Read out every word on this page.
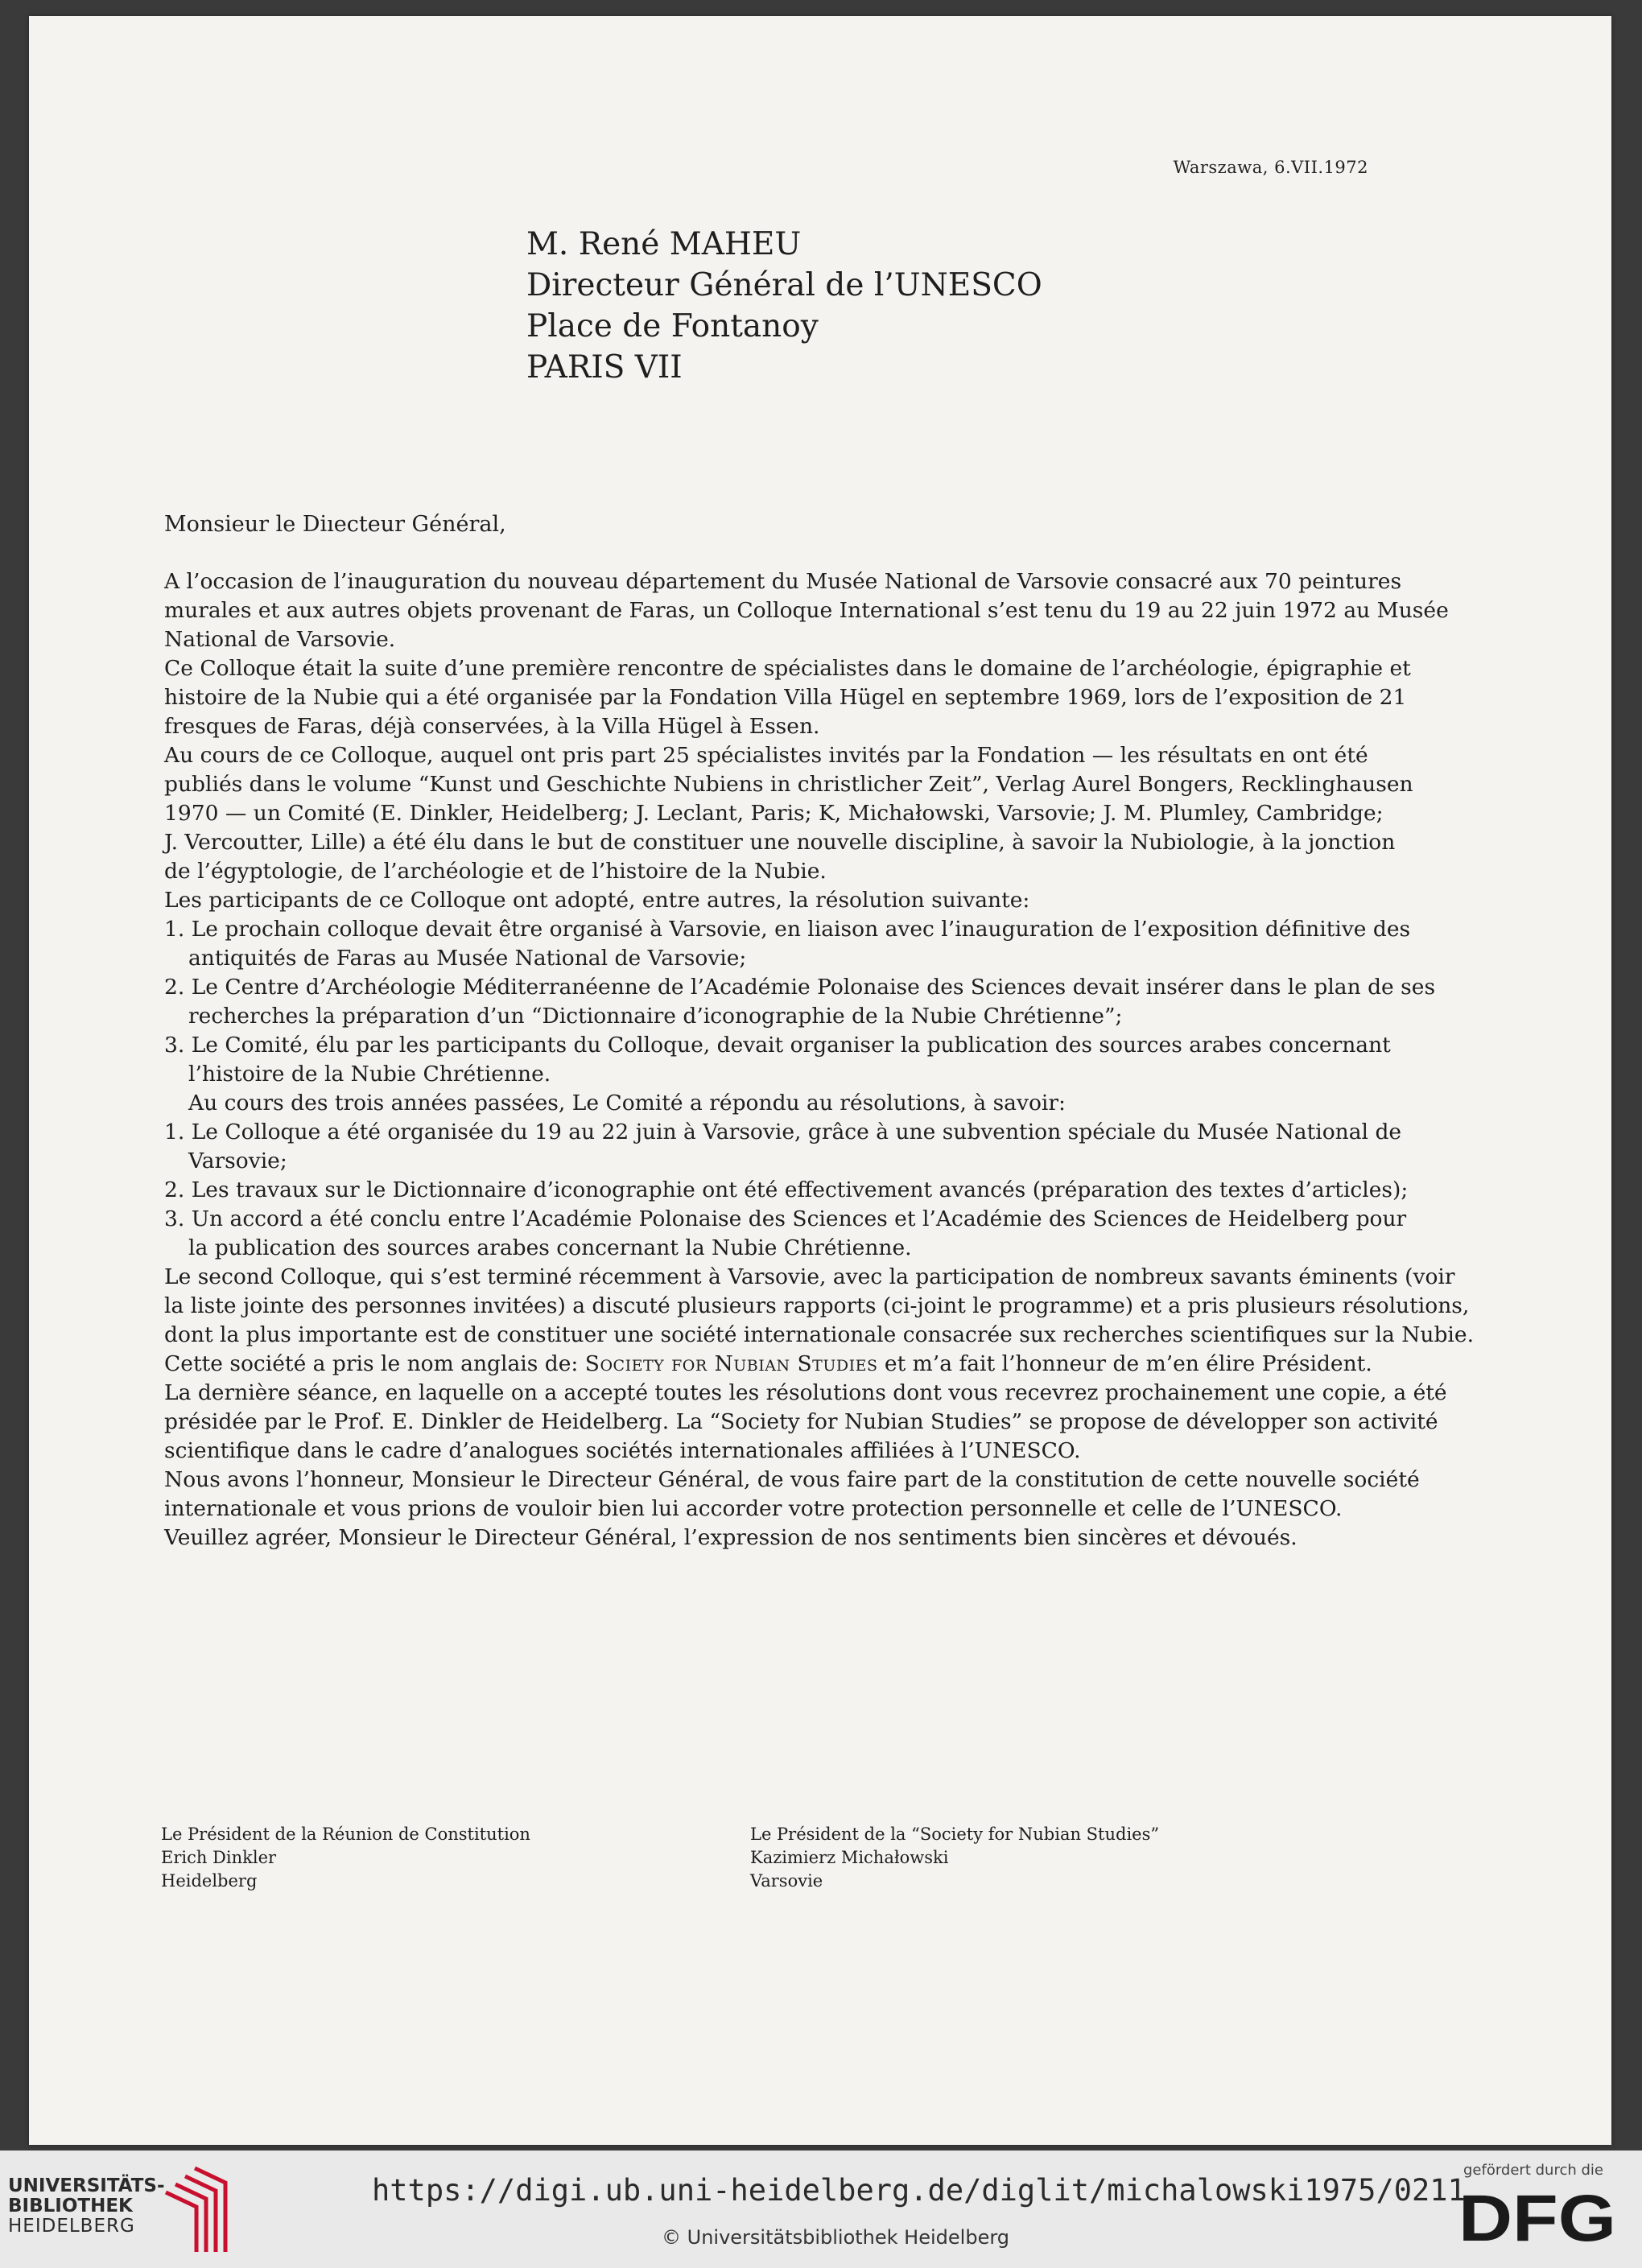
Warszawa, 6.VII.1972
M. René MAHEU
Directeur Général de l’UNESCO
Place de Fontanoy
PARIS VII
Monsieur le Diıecteur Général,

A l’occasion de l’inauguration du nouveau département du Musée National de Varsovie consacré aux 70 peintures

murales et aux autres objets provenant de Faras, un Colloque International s’est tenu du 19 au 22 juin 1972 au Musée

National de Varsovie.

Ce Colloque était la suite d’une première rencontre de spécialistes dans le domaine de l’archéologie, épigraphie et

histoire de la Nubie qui a été organisée par la Fondation Villa Hügel en septembre 1969, lors de l’exposition de 21

fresques de Faras, déjà conservées, à la Villa Hügel à Essen.

Au cours de ce Colloque, auquel ont pris part 25 spécialistes invités par la Fondation — les résultats en ont été

publiés dans le volume “Kunst und Geschichte Nubiens in christlicher Zeit”, Verlag Aurel Bongers, Recklinghausen

1970 — un Comité (E. Dinkler, Heidelberg; J. Leclant, Paris; K, Michałowski, Varsovie; J. M. Plumley, Cambridge;

J. Vercoutter, Lille) a été élu dans le but de constituer une nouvelle discipline, à savoir la Nubiologie, à la jonction

de l’égyptologie, de l’archéologie et de l’histoire de la Nubie.

Les participants de ce Colloque ont adopté, entre autres, la résolution suivante:

1. Le prochain colloque devait être organisé à Varsovie, en liaison avec l’inauguration de l’exposition définitive des

antiquités de Faras au Musée National de Varsovie;

2. Le Centre d’Archéologie Méditerranéenne de l’Académie Polonaise des Sciences devait insérer dans le plan de ses

recherches la préparation d’un “Dictionnaire d’iconographie de la Nubie Chrétienne”;

3. Le Comité, élu par les participants du Colloque, devait organiser la publication des sources arabes concernant

l’histoire de la Nubie Chrétienne.

Au cours des trois années passées, Le Comité a répondu au résolutions, à savoir:

1. Le Colloque a été organisée du 19 au 22 juin à Varsovie, grâce à une subvention spéciale du Musée National de

Varsovie;

2. Les travaux sur le Dictionnaire d’iconographie ont été effectivement avancés (préparation des textes d’articles);

3. Un accord a été conclu entre l’Académie Polonaise des Sciences et l’Académie des Sciences de Heidelberg pour

la publication des sources arabes concernant la Nubie Chrétienne.

Le second Colloque, qui s’est terminé récemment à Varsovie, avec la participation de nombreux savants éminents (voir

la liste jointe des personnes invitées) a discuté plusieurs rapports (ci-joint le programme) et a pris plusieurs résolutions,

dont la plus importante est de constituer une société internationale consacrée sux recherches scientifiques sur la Nubie.

Cette société a pris le nom anglais de: Society for Nubian Studies et m’a fait l’honneur de m’en élire Président.

La dernière séance, en laquelle on a accepté toutes les résolutions dont vous recevrez prochainement une copie, a été

présidée par le Prof. E. Dinkler de Heidelberg. La “Society for Nubian Studies” se propose de développer son activité

scientifique dans le cadre d’analogues sociétés internationales affiliées à l’UNESCO.

Nous avons l’honneur, Monsieur le Directeur Général, de vous faire part de la constitution de cette nouvelle société

internationale et vous prions de vouloir bien lui accorder votre protection personnelle et celle de l’UNESCO.

Veuillez agréer, Monsieur le Directeur Général, l’expression de nos sentiments bien sincères et dévoués.

Le Président de la Réunion de Constitution
Erich Dinkler
Heidelberg
Le Président de la “Society for Nubian Studies”
Kazimierz Michałowski
Varsovie
UNIVERSITÄTS-
BIBLIOTHEK
HEIDELBERG
https://digi.ub.uni-heidelberg.de/diglit/michalowski1975/0211
© Universitätsbibliothek Heidelberg
gefördert durch die
DFG
